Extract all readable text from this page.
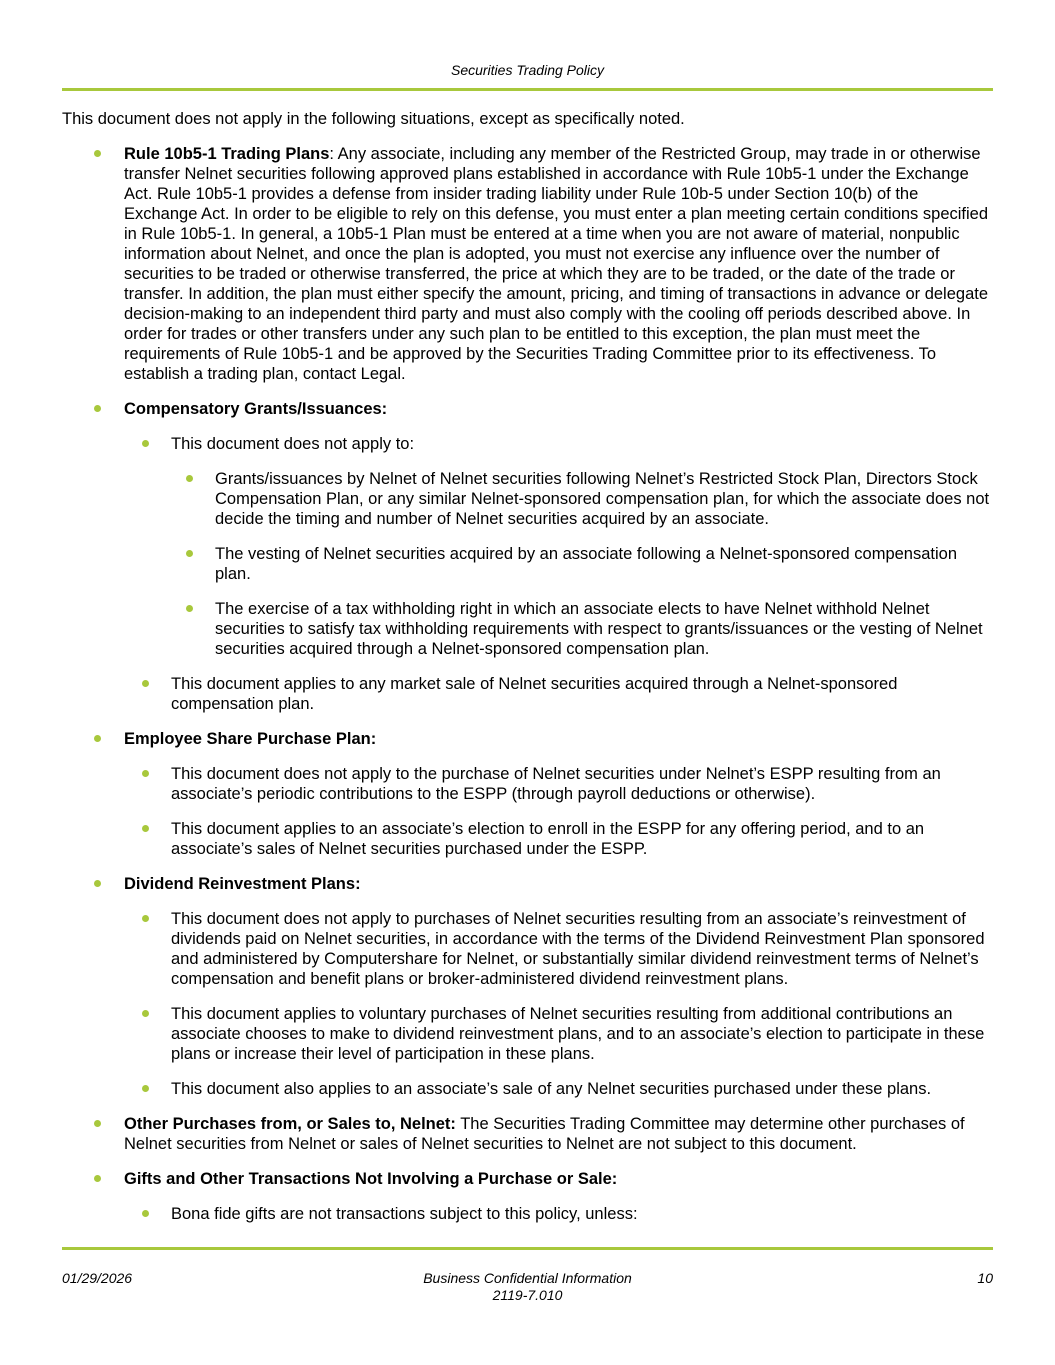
Securities Trading Policy

This document does not apply in the following situations, except as specifically noted.

Rule 10b5-1 Trading Plans: Any associate, including any member of the Restricted Group, may trade in or otherwise transfer Nelnet securities following approved plans established in accordance with Rule 10b5-1 under the Exchange Act. Rule 10b5-1 provides a defense from insider trading liability under Rule 10b-5 under Section 10(b) of the Exchange Act. In order to be eligible to rely on this defense, you must enter a plan meeting certain conditions specified in Rule 10b5-1. In general, a 10b5-1 Plan must be entered at a time when you are not aware of material, nonpublic information about Nelnet, and once the plan is adopted, you must not exercise any influence over the number of securities to be traded or otherwise transferred, the price at which they are to be traded, or the date of the trade or transfer. In addition, the plan must either specify the amount, pricing, and timing of transactions in advance or delegate decision-making to an independent third party and must also comply with the cooling off periods described above. In order for trades or other transfers under any such plan to be entitled to this exception, the plan must meet the requirements of Rule 10b5-1 and be approved by the Securities Trading Committee prior to its effectiveness. To establish a trading plan, contact Legal.
Compensatory Grants/Issuances:
This document does not apply to:
Grants/issuances by Nelnet of Nelnet securities following Nelnet’s Restricted Stock Plan, Directors Stock Compensation Plan, or any similar Nelnet-sponsored compensation plan, for which the associate does not decide the timing and number of Nelnet securities acquired by an associate.
The vesting of Nelnet securities acquired by an associate following a Nelnet-sponsored compensation plan.
The exercise of a tax withholding right in which an associate elects to have Nelnet withhold Nelnet securities to satisfy tax withholding requirements with respect to grants/issuances or the vesting of Nelnet securities acquired through a Nelnet-sponsored compensation plan.
This document applies to any market sale of Nelnet securities acquired through a Nelnet-sponsored compensation plan.
Employee Share Purchase Plan:
This document does not apply to the purchase of Nelnet securities under Nelnet’s ESPP resulting from an associate’s periodic contributions to the ESPP (through payroll deductions or otherwise).
This document applies to an associate’s election to enroll in the ESPP for any offering period, and to an associate’s sales of Nelnet securities purchased under the ESPP.
Dividend Reinvestment Plans:
This document does not apply to purchases of Nelnet securities resulting from an associate’s reinvestment of dividends paid on Nelnet securities, in accordance with the terms of the Dividend Reinvestment Plan sponsored and administered by Computershare for Nelnet, or substantially similar dividend reinvestment terms of Nelnet’s compensation and benefit plans or broker-administered dividend reinvestment plans.
This document applies to voluntary purchases of Nelnet securities resulting from additional contributions an associate chooses to make to dividend reinvestment plans, and to an associate’s election to participate in these plans or increase their level of participation in these plans.
This document also applies to an associate’s sale of any Nelnet securities purchased under these plans.
Other Purchases from, or Sales to, Nelnet: The Securities Trading Committee may determine other purchases of Nelnet securities from Nelnet or sales of Nelnet securities to Nelnet are not subject to this document.
Gifts and Other Transactions Not Involving a Purchase or Sale:
Bona fide gifts are not transactions subject to this policy, unless:
01/29/2026	Business Confidential Information
2119-7.010
10
